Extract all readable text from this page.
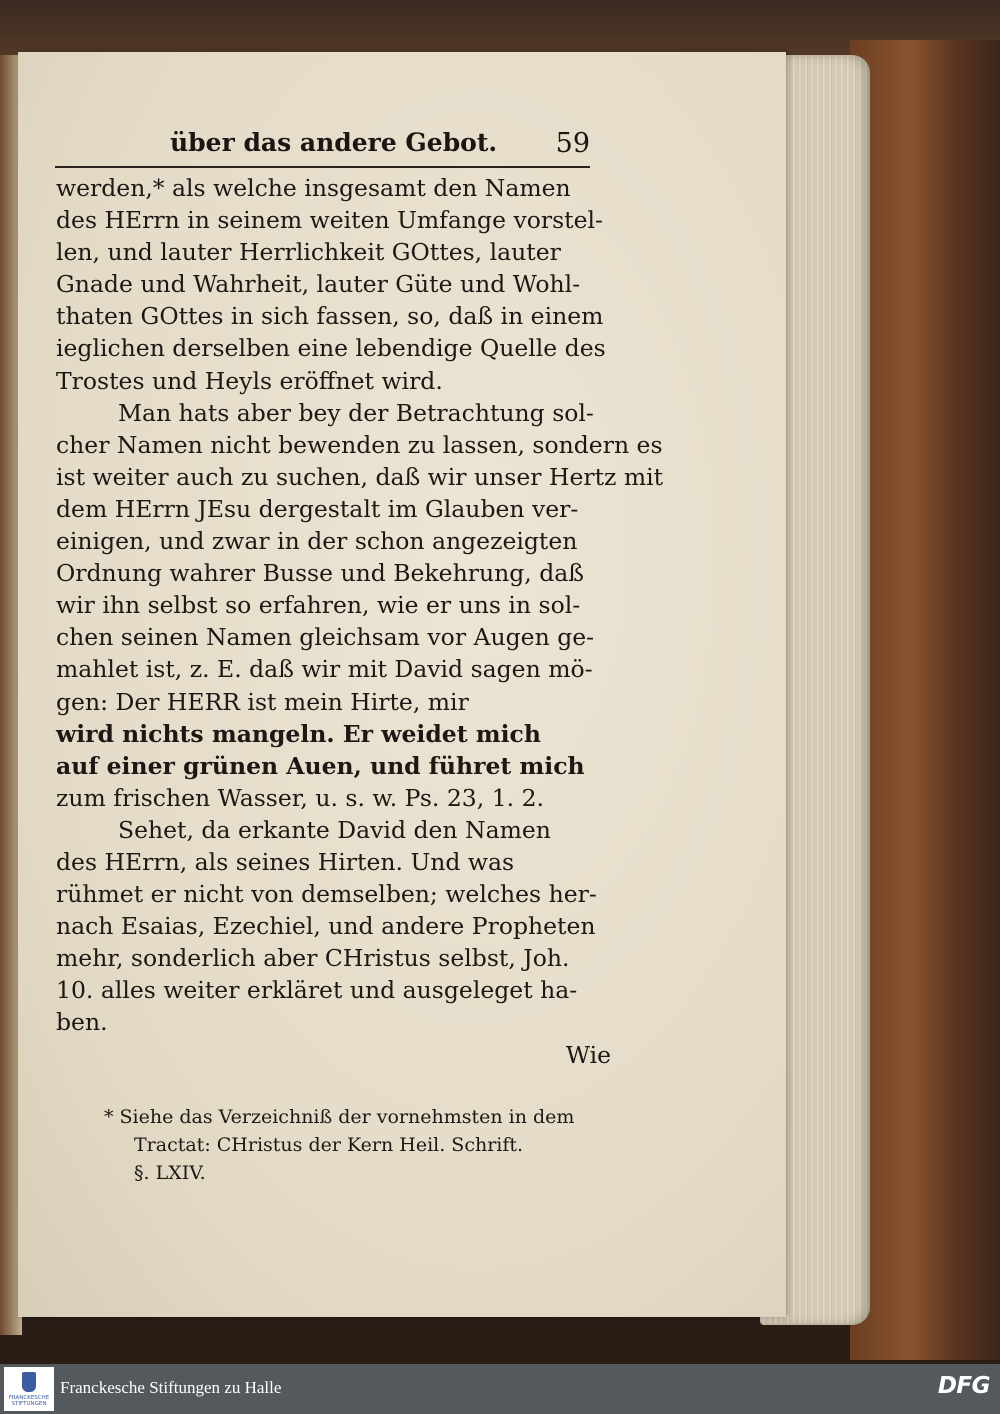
über das andere Gebot. 59
werden,* als welche insgesamt den Namen
des HErrn in seinem weiten Umfange vorstel-
len, und lauter Herrlichkeit GOttes, lauter
Gnade und Wahrheit, lauter Güte und Wohl-
thaten GOttes in sich fassen, so, daß in einem
ieglichen derselben eine lebendige Quelle des
Trostes und Heyls eröffnet wird.
Man hats aber bey der Betrachtung sol-
cher Namen nicht bewenden zu lassen, sondern es
ist weiter auch zu suchen, daß wir unser Hertz mit
dem HErrn JEsu dergestalt im Glauben ver-
einigen, und zwar in der schon angezeigten
Ordnung wahrer Busse und Bekehrung, daß
wir ihn selbst so erfahren, wie er uns in sol-
chen seinen Namen gleichsam vor Augen ge-
mahlet ist, z. E. daß wir mit David sagen mö-
gen: Der HERR ist mein Hirte, mir
wird nichts mangeln. Er weidet mich
auf einer grünen Auen, und führet mich
zum frischen Wasser, u. s. w. Ps. 23, 1. 2.
Sehet, da erkante David den Namen
des HErrn, als seines Hirten. Und was
rühmet er nicht von demselben; welches her-
nach Esaias, Ezechiel, und andere Propheten
mehr, sonderlich aber CHristus selbst, Joh.
10. alles weiter erkläret und ausgeleget ha-
ben.
Wie
* Siehe das Verzeichniß der vornehmsten in dem
Tractat: CHristus der Kern Heil. Schrift.
§. LXIV.
FRANCKESCHE STIFTUNGEN
Franckesche Stiftungen zu Halle	DFG
